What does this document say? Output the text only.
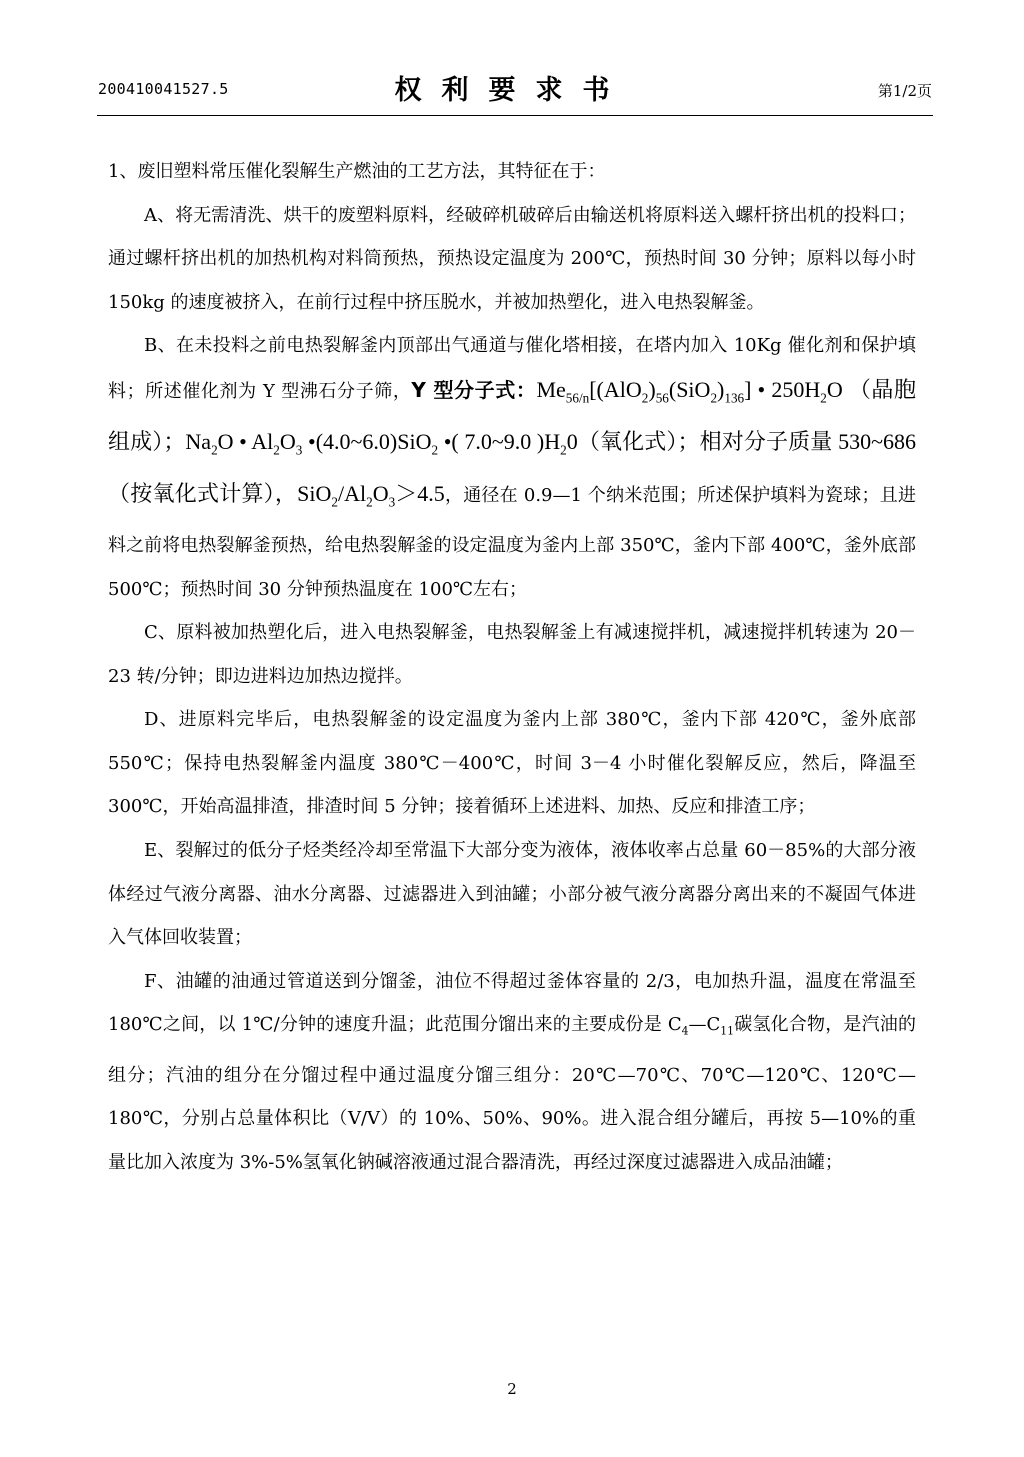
200410041527.5	权利要求书	第1/2页

1、废旧塑料常压催化裂解生产燃油的工艺方法，其特征在于：

A、将无需清洗、烘干的废塑料原料，经破碎机破碎后由输送机将原料送入螺杆挤出机的投料口；通过螺杆挤出机的加热机构对料筒预热，预热设定温度为 200℃，预热时间 30 分钟；原料以每小时 150kg 的速度被挤入，在前行过程中挤压脱水，并被加热塑化，进入电热裂解釜。

B、在未投料之前电热裂解釜内顶部出气通道与催化塔相接，在塔内加入 10Kg 催化剂和保护填料；所述催化剂为 Y 型沸石分子筛，Y 型分子式：$Me_{56/n}[(AlO_2)_{56}(SiO_2)_{136}]$ • $250H_2O$ （晶胞组成）；$Na_2O$ • $Al_2O_3$ •(4.0~6.0)SiO$_2$ •( 7.0~9.0 )$H_20$（氧化式）；相对分子质量 530~686（按氧化式计算），$SiO_2/Al_2O_3>4.5$，通径在 0.9—1 个纳米范围；所述保护填料为瓷球；且进料之前将电热裂解釜预热，给电热裂解釜的设定温度为釜内上部 350℃，釜内下部 400℃，釜外底部 500℃；预热时间 30 分钟预热温度在 100℃左右；

C、原料被加热塑化后，进入电热裂解釜，电热裂解釜上有减速搅拌机，减速搅拌机转速为 20－23 转/分钟；即边进料边加热边搅拌。

D、进原料完毕后，电热裂解釜的设定温度为釜内上部 380℃，釜内下部 420℃，釜外底部 550℃；保持电热裂解釜内温度 380℃－400℃，时间 3－4 小时催化裂解反应，然后，降温至 300℃，开始高温排渣，排渣时间 5 分钟；接着循环上述进料、加热、反应和排渣工序；

E、裂解过的低分子烃类经冷却至常温下大部分变为液体，液体收率占总量 60－85%的大部分液体经过气液分离器、油水分离器、过滤器进入到油罐；小部分被气液分离器分离出来的不凝固气体进入气体回收装置；

F、油罐的油通过管道送到分馏釜，油位不得超过釜体容量的 2/3，电加热升温，温度在常温至 180℃之间，以 1℃/分钟的速度升温；此范围分馏出来的主要成份是 $C_4—C_{11}$碳氢化合物，是汽油的组分；汽油的组分在分馏过程中通过温度分馏三组分：20℃—70℃、70℃—120℃、120℃—180℃，分别占总量体积比（V/V）的 10%、50%、90%。进入混合组分罐后，再按 5—10%的重量比加入浓度为 3%-5%氢氧化钠碱溶液通过混合器清洗，再经过深度过滤器进入成品油罐；

2
